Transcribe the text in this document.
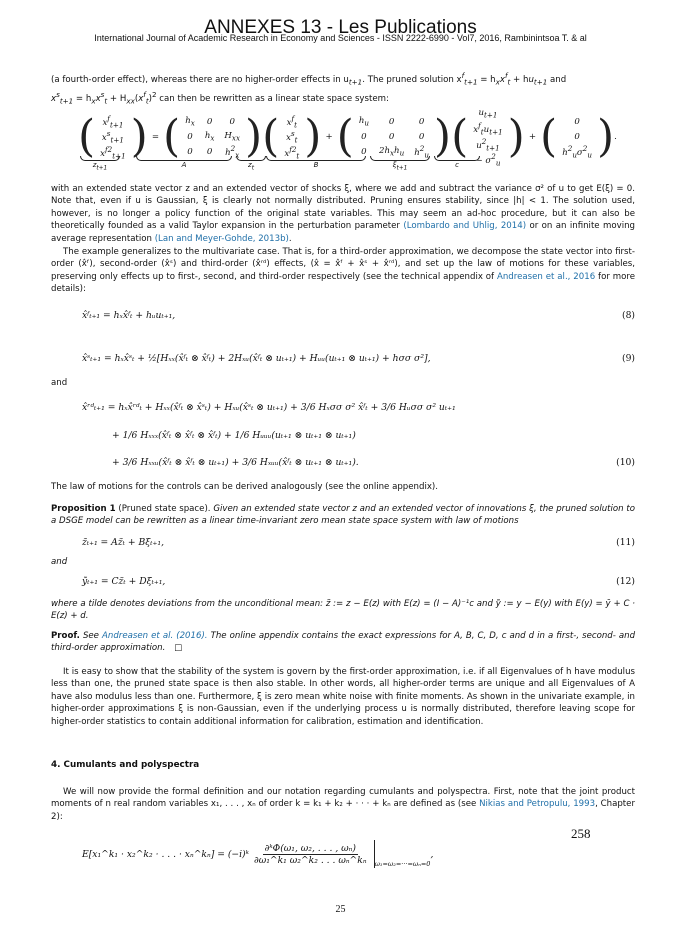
ANNEXES 13 - Les Publications
International Journal of Academic Research in Economy and Sciences - ISSN 2222-6990 - Vol7, 2016, Rambinintsoa T. & al
(a fourth-order effect), whereas there are no higher-order effects in $u_{t+1}$. The pruned solution $x^f_{t+1} = h_xx^f_t + hu_{t+1}$ and
$x^s_{t+1} = h_xx^s_t + H_{xx}(x^f_t)^2$ can then be rewritten as a linear state space system:
( $x^f_{t+1}$
$x^s_{t+1}$
$x^{f2}_{t+1}$ ) = ( $h_x$	0	0
0	$h_x$	$H_{xx}$
0	0	$h^2_x$ ) ( $x^f_t$
$x^s_t$
$x^{f2}_t$ ) + ( $h_u$	0	0
0	0	0
0	$2h_xh_u$	$h^2_u$ ) ( $u_{t+1}$
$x^f_tu_{t+1}$
$u^2_{t+1} - \sigma^2_u$
) + ( 0
0
$h^2_u\sigma^2_u$ ) .
$z_{t+1}$	A	$z_t$	B	$\xi_{t+1}$	c
with an extended state vector z and an extended vector of shocks ξ, where we add and subtract the variance σ² of u to get E(ξ) = 0. Note that, even if u is Gaussian, ξ is clearly not normally distributed. Pruning ensures stability, since |h| < 1. The solution used, however, is no longer a policy function of the original state variables. This may seem an ad-hoc procedure, but it can also be theoretically founded as a valid Taylor expansion in the perturbation parameter (Lombardo and Uhlig, 2014) or on an infinite moving average representation (Lan and Meyer-Gohde, 2013b).
The example generalizes to the multivariate case. That is, for a third-order approximation, we decompose the state vector into first-order (x̂ᶠ), second-order (x̂ˢ) and third-order (x̂ʳᵈ) effects, (x̂ = x̂ᶠ + x̂ˢ + x̂ʳᵈ), and set up the law of motions for these variables, preserving only effects up to first-, second, and third-order respectively (see the technical appendix of Andreasen et al., 2016 for more details):
x̂ᶠₜ₊₁ = hₓx̂ᶠₜ + hᵤuₜ₊₁,	(8)
x̂ˢₜ₊₁ = hₓx̂ˢₜ + ½[Hₓₓ(x̂ᶠₜ ⊗ x̂ᶠₜ) + 2Hₓᵤ(x̂ᶠₜ ⊗ uₜ₊₁) + Hᵤᵤ(uₜ₊₁ ⊗ uₜ₊₁) + hσσ σ²],	(9)
and
x̂ʳᵈₜ₊₁ = hₓx̂ʳᵈₜ + Hₓₓ(x̂ᶠₜ ⊗ x̂ˢₜ) + Hₓᵤ(x̂ˢₜ ⊗ uₜ₊₁) + 3/6 Hₓσσ σ² x̂ᶠₜ + 3/6 Hᵤσσ σ² uₜ₊₁
+ 1/6 Hₓₓₓ(x̂ᶠₜ ⊗ x̂ᶠₜ ⊗ x̂ᶠₜ) + 1/6 Hᵤᵤᵤ(uₜ₊₁ ⊗ uₜ₊₁ ⊗ uₜ₊₁)
+ 3/6 Hₓₓᵤ(x̂ᶠₜ ⊗ x̂ᶠₜ ⊗ uₜ₊₁) + 3/6 Hₓᵤᵤ(x̂ᶠₜ ⊗ uₜ₊₁ ⊗ uₜ₊₁).	(10)
The law of motions for the controls can be derived analogously (see the online appendix).
Proposition 1 (Pruned state space). Given an extended state vector z and an extended vector of innovations ξ, the pruned solution to a DSGE model can be rewritten as a linear time-invariant zero mean state space system with law of motions
z̃ₜ₊₁ = Az̃ₜ + Bξₜ₊₁,	(11)
and
ỹₜ₊₁ = Cz̃ₜ + Dξₜ₊₁,	(12)
where a tilde denotes deviations from the unconditional mean: z̃ := z − E(z) with E(z) = (I − A)⁻¹c and ỹ := y − E(y) with E(y) = ȳ + C · E(z) + d.
Proof. See Andreasen et al. (2016). The online appendix contains the exact expressions for A, B, C, D, c and d in a first-, second- and third-order approximation. □
It is easy to show that the stability of the system is govern by the first-order approximation, i.e. if all Eigenvalues of h have modulus less than one, the pruned state space is then also stable. In other words, all higher-order terms are unique and all Eigenvalues of A have also modulus less than one. Furthermore, ξ is zero mean white noise with finite moments. As shown in the univariate example, in higher-order approximations ξ is non-Gaussian, even if the underlying process u is normally distributed, therefore leaving scope for higher-order statistics to contain additional information for calibration, estimation and identification.
4. Cumulants and polyspectra
We will now provide the formal definition and our notation regarding cumulants and polyspectra. First, note that the joint product moments of n real random variables x₁, . . . , xₙ of order k = k₁ + k₂ + · · · + kₙ are defined as (see Nikias and Petropulu, 1993, Chapter 2):
E[x₁^k₁ · x₂^k₂ · . . . · xₙ^kₙ] = (−i)ᵏ
∂ᵏΦ(ω₁, ω₂, . . . , ωₙ)
∂ω₁^k₁ ω₂^k₂ . . . ωₙ^kₙ	ω₁=ω₂=···=ωₙ=0
,
258
25
